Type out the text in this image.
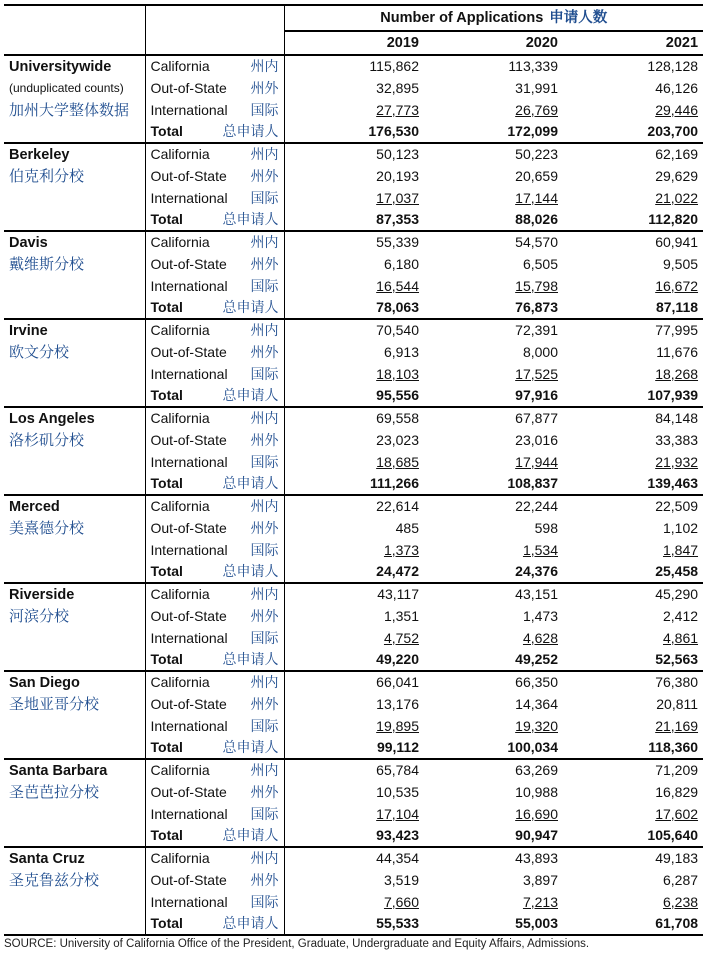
		Number of Applications 申请人数		
		2019	2020	2021
Universitywide	California 州内	115,862	113,339	128,128
(unduplicated counts)	Out-of-State 州外	32,895	31,991	46,126
加州大学整体数据	International 国际	27,773	26,769	29,446

	Total 总申请人	176,530	172,099	203,700
Berkeley	California 州内	50,123	50,223	62,169
伯克利分校	Out-of-State 州外	20,193	20,659	29,629

	International 国际	17,037	17,144	21,022

	Total 总申请人	87,353	88,026	112,820
Davis	California 州内	55,339	54,570	60,941
戴维斯分校	Out-of-State 州外	6,180	6,505	9,505

	International 国际	16,544	15,798	16,672

	Total 总申请人	78,063	76,873	87,118
Irvine	California 州内	70,540	72,391	77,995
欧文分校	Out-of-State 州外	6,913	8,000	11,676

	International 国际	18,103	17,525	18,268

	Total 总申请人	95,556	97,916	107,939
Los Angeles	California 州内	69,558	67,877	84,148
洛杉矶分校	Out-of-State 州外	23,023	23,016	33,383

	International 国际	18,685	17,944	21,932

	Total 总申请人	111,266	108,837	139,463
Merced	California 州内	22,614	22,244	22,509
美熹德分校	Out-of-State 州外	485	598	1,102

	International 国际	1,373	1,534	1,847

	Total 总申请人	24,472	24,376	25,458
Riverside	California 州内	43,117	43,151	45,290
河滨分校	Out-of-State 州外	1,351	1,473	2,412

	International 国际	4,752	4,628	4,861

	Total 总申请人	49,220	49,252	52,563
San Diego	California 州内	66,041	66,350	76,380
圣地亚哥分校	Out-of-State 州外	13,176	14,364	20,811

	International 国际	19,895	19,320	21,169

	Total 总申请人	99,112	100,034	118,360
Santa Barbara	California 州内	65,784	63,269	71,209
圣芭芭拉分校	Out-of-State 州外	10,535	10,988	16,829

	International 国际	17,104	16,690	17,602

	Total 总申请人	93,423	90,947	105,640
Santa Cruz	California 州内	44,354	43,893	49,183
圣克鲁兹分校	Out-of-State 州外	3,519	3,897	6,287

	International 国际	7,660	7,213	6,238

	Total 总申请人	55,533	55,003	61,708
SOURCE: University of California Office of the President, Graduate, Undergraduate and Equity Affairs, Admissions.
